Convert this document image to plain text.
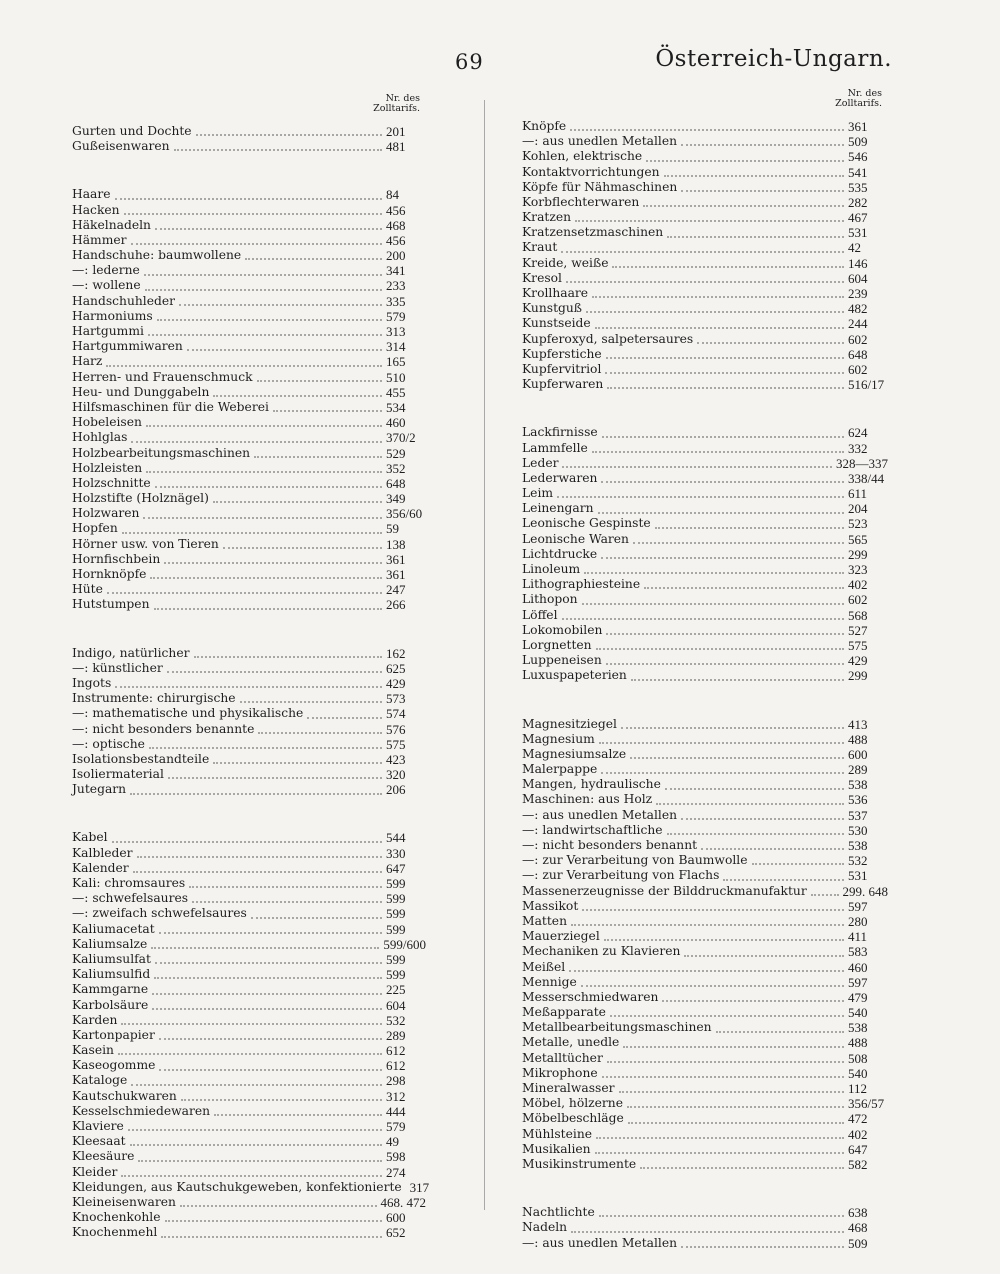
69	Österreich-Ungarn.
Nr. des
Zolltarifs.
Gurten und Dochte	201
Gußeisenwaren	481
Haare	84
Hacken	456
Häkelnadeln	468
Hämmer	456
Handschuhe: baumwollene	200
—: lederne	341
—: wollene	233
Handschuhleder	335
Harmoniums	579
Hartgummi	313
Hartgummiwaren	314
Harz	165
Herren- und Frauenschmuck	510
Heu- und Dunggabeln	455
Hilfsmaschinen für die Weberei	534
Hobeleisen	460
Hohlglas	370/2
Holzbearbeitungsmaschinen	529
Holzleisten	352
Holzschnitte	648
Holzstifte (Holznägel)	349
Holzwaren	356/60
Hopfen	59
Hörner usw. von Tieren	138
Hornfischbein	361
Hornknöpfe	361
Hüte	247
Hutstumpen	266
Indigo, natürlicher	162
—: künstlicher	625
Ingots	429
Instrumente: chirurgische	573
—: mathematische und physikalische	574
—: nicht besonders benannte	576
—: optische	575
Isolationsbestandteile	423
Isoliermaterial	320
Jutegarn	206
Kabel	544
Kalbleder	330
Kalender	647
Kali: chromsaures	599
—: schwefelsaures	599
—: zweifach schwefelsaures	599
Kaliumacetat	599
Kaliumsalze	599/600
Kaliumsulfat	599
Kaliumsulfid	599
Kammgarne	225
Karbolsäure	604
Karden	532
Kartonpapier	289
Kasein	612
Kaseogomme	612
Kataloge	298
Kautschukwaren	312
Kesselschmiedewaren	444
Klaviere	579
Kleesaat	49
Kleesäure	598
Kleider	274
Kleidungen, aus Kautschukgeweben, konfektionierte 317
Kleineisenwaren	468. 472
Knochenkohle	600
Knochenmehl	652
Nr. des
Zolltarifs.
Knöpfe	361
—: aus unedlen Metallen	509
Kohlen, elektrische	546
Kontaktvorrichtungen	541
Köpfe für Nähmaschinen	535
Korbflechterwaren	282
Kratzen	467
Kratzensetzmaschinen	531
Kraut	42
Kreide, weiße	146
Kresol	604
Krollhaare	239
Kunstguß	482
Kunstseide	244
Kupferoxyd, salpetersaures	602
Kupferstiche	648
Kupfervitriol	602
Kupferwaren	516/17
Lackfirnisse	624
Lammfelle	332
Leder	328—337
Lederwaren	338/44
Leim	611
Leinengarn	204
Leonische Gespinste	523
Leonische Waren	565
Lichtdrucke	299
Linoleum	323
Lithographiesteine	402
Lithopon	602
Löffel	568
Lokomobilen	527
Lorgnetten	575
Luppeneisen	429
Luxuspapeterien	299
Magnesitziegel	413
Magnesium	488
Magnesiumsalze	600
Malerpappe	289
Mangen, hydraulische	538
Maschinen: aus Holz	536
—: aus unedlen Metallen	537
—: landwirtschaftliche	530
—: nicht besonders benannt	538
—: zur Verarbeitung von Baumwolle	532
—: zur Verarbeitung von Flachs	531
Massenerzeugnisse der Bilddruckmanufaktur	299. 648
Massikot	597
Matten	280
Mauerziegel	411
Mechaniken zu Klavieren	583
Meißel	460
Mennige	597
Messerschmiedwaren	479
Meßapparate	540
Metallbearbeitungsmaschinen	538
Metalle, unedle	488
Metalltücher	508
Mikrophone	540
Mineralwasser	112
Möbel, hölzerne	356/57
Möbelbeschläge	472
Mühlsteine	402
Musikalien	647
Musikinstrumente	582
Nachtlichte	638
Nadeln	468
—: aus unedlen Metallen	509
